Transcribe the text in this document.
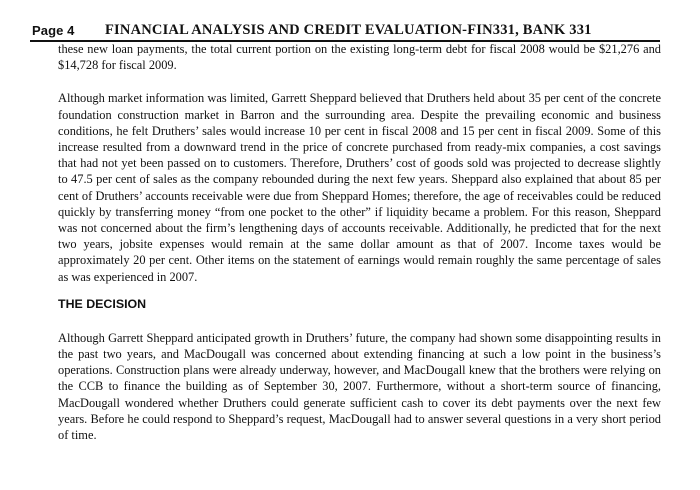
Page 4 FINANCIAL ANALYSIS AND CREDIT EVALUATION-FIN331, BANK 331

these new loan payments, the total current portion on the existing long-term debt for fiscal 2008 would be $21,276 and $14,728 for fiscal 2009.

Although market information was limited, Garrett Sheppard believed that Druthers held about 35 per cent of the concrete foundation construction market in Barron and the surrounding area. Despite the prevailing economic and business conditions, he felt Druthers’ sales would increase 10 per cent in fiscal 2008 and 15 per cent in fiscal 2009. Some of this increase resulted from a downward trend in the price of concrete purchased from ready-mix companies, a cost savings that had not yet been passed on to customers. Therefore, Druthers’ cost of goods sold was projected to decrease slightly to 47.5 per cent of sales as the company rebounded during the next few years. Sheppard also explained that about 85 per cent of Druthers’ accounts receivable were due from Sheppard Homes; therefore, the age of receivables could be reduced quickly by transferring money “from one pocket to the other” if liquidity became a problem. For this reason, Sheppard was not concerned about the firm’s lengthening days of accounts receivable. Additionally, he predicted that for the next two years, jobsite expenses would remain at the same dollar amount as that of 2007. Income taxes would be approximately 20 per cent. Other items on the statement of earnings would remain roughly the same percentage of sales as was experienced in 2007.

THE DECISION

Although Garrett Sheppard anticipated growth in Druthers’ future, the company had shown some disappointing results in the past two years, and MacDougall was concerned about extending financing at such a low point in the business’s operations. Construction plans were already underway, however, and MacDougall knew that the brothers were relying on the CCB to finance the building as of September 30, 2007. Furthermore, without a short-term source of financing, MacDougall wondered whether Druthers could generate sufficient cash to cover its debt payments over the next few years. Before he could respond to Sheppard’s request, MacDougall had to answer several questions in a very short period of time.
